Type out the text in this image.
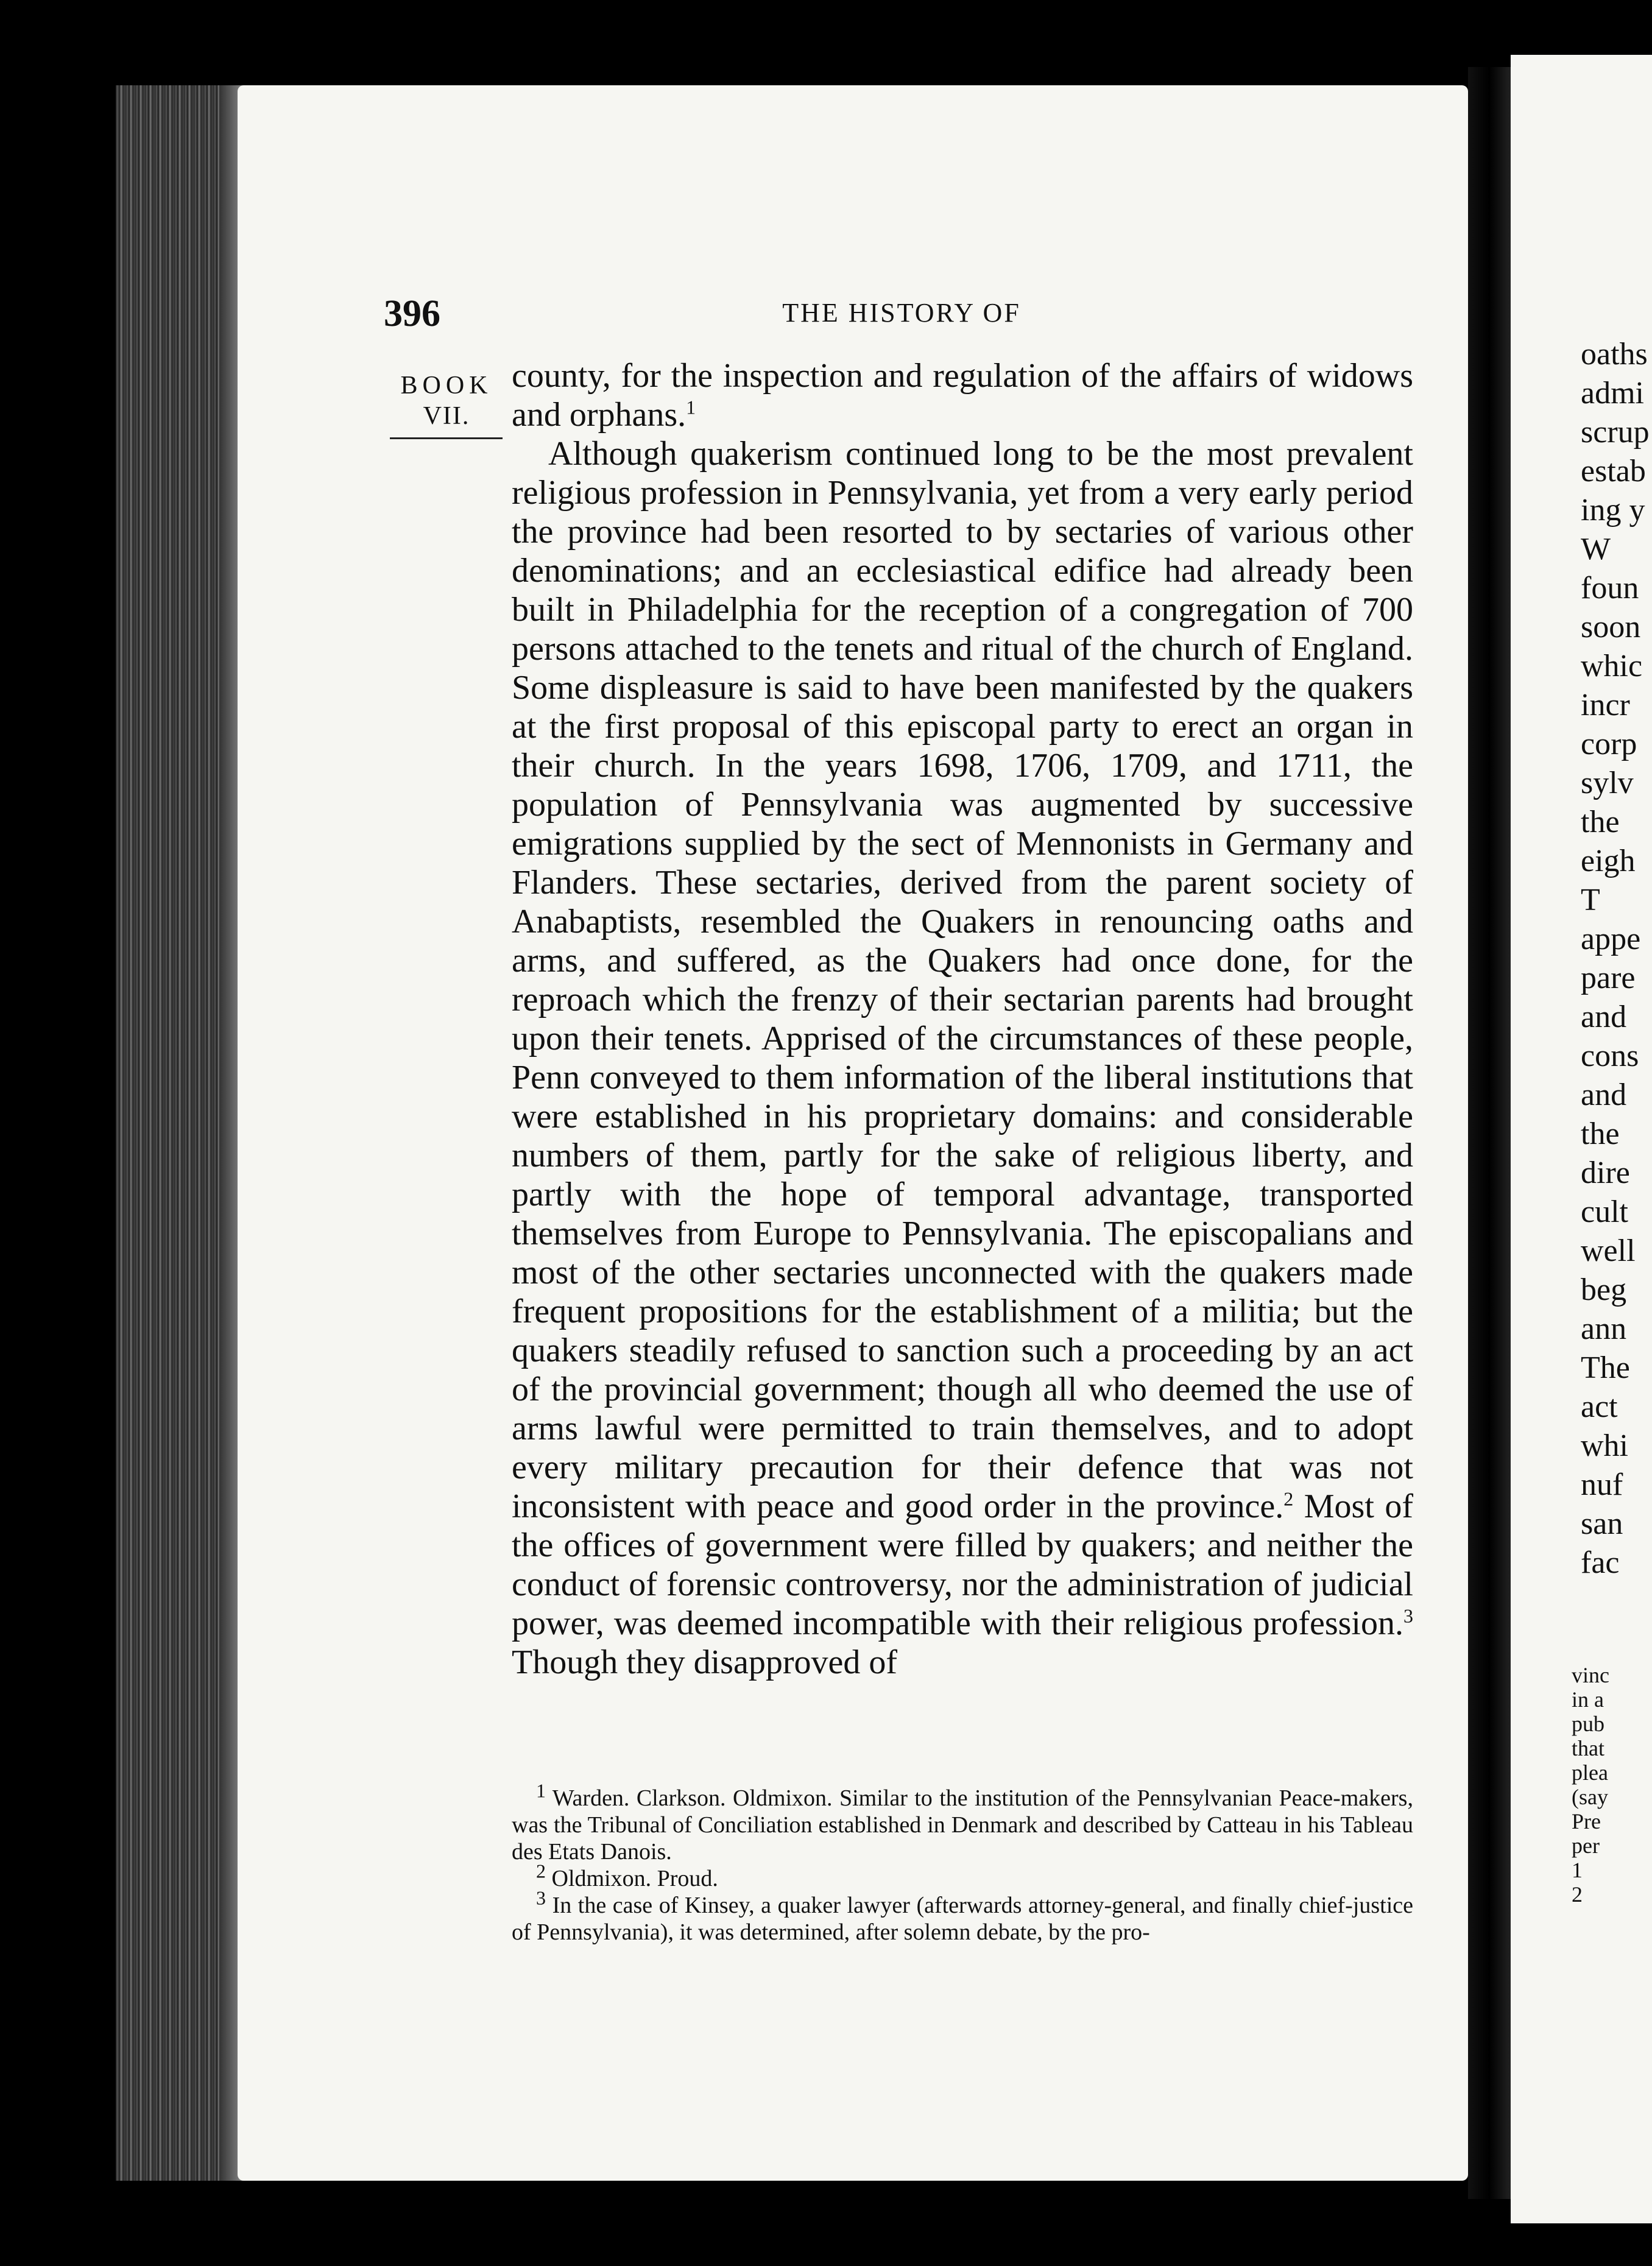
396	THE HISTORY OF
BOOK
VII.

county, for the inspection and regulation of the affairs of widows and orphans.$^1$

Although quakerism continued long to be the most prevalent religious profession in Pennsylvania, yet from a very early period the province had been resorted to by sectaries of various other denominations; and an ecclesiastical edifice had already been built in Philadelphia for the reception of a congregation of 700 persons attached to the tenets and ritual of the church of England. Some displeasure is said to have been manifested by the quakers at the first proposal of this episcopal party to erect an organ in their church. In the years 1698, 1706, 1709, and 1711, the population of Pennsylvania was augmented by successive emigrations supplied by the sect of Mennonists in Germany and Flanders. These sectaries, derived from the parent society of Anabaptists, resembled the Quakers in renouncing oaths and arms, and suffered, as the Quakers had once done, for the reproach which the frenzy of their sectarian parents had brought upon their tenets. Apprised of the circumstances of these people, Penn conveyed to them information of the liberal institutions that were established in his proprietary domains: and considerable numbers of them, partly for the sake of religious liberty, and partly with the hope of temporal advantage, transported themselves from Europe to Pennsylvania. The episcopalians and most of the other sectaries unconnected with the quakers made frequent propositions for the establishment of a militia; but the quakers steadily refused to sanction such a proceeding by an act of the provincial government; though all who deemed the use of arms lawful were permitted to train themselves, and to adopt every military precaution for their defence that was not inconsistent with peace and good order in the province.$^2$ Most of the offices of government were filled by quakers; and neither the conduct of forensic controversy, nor the administration of judicial power, was deemed incompatible with their religious profession.$^3$ Though they disapproved of

$^1$ Warden. Clarkson. Oldmixon. Similar to the institution of the Pennsylvanian Peace-makers, was the Tribunal of Conciliation established in Denmark and described by Catteau in his Tableau des Etats Danois.

$^2$ Oldmixon. Proud.

$^3$ In the case of Kinsey, a quaker lawyer (afterwards attorney-general, and finally chief-justice of Pennsylvania), it was determined, after solemn debate, by the pro-

oaths
admi
scrup
estab
ing y
W
foun
soon
whic
incr
corp
sylv
the
eigh
T
appe
pare
and
cons
and
the
dire
cult
well
beg
ann
The
act
whi
nuf
san
fac
vinc
in a
pub
that
plea
(say
Pre
per
1
2
